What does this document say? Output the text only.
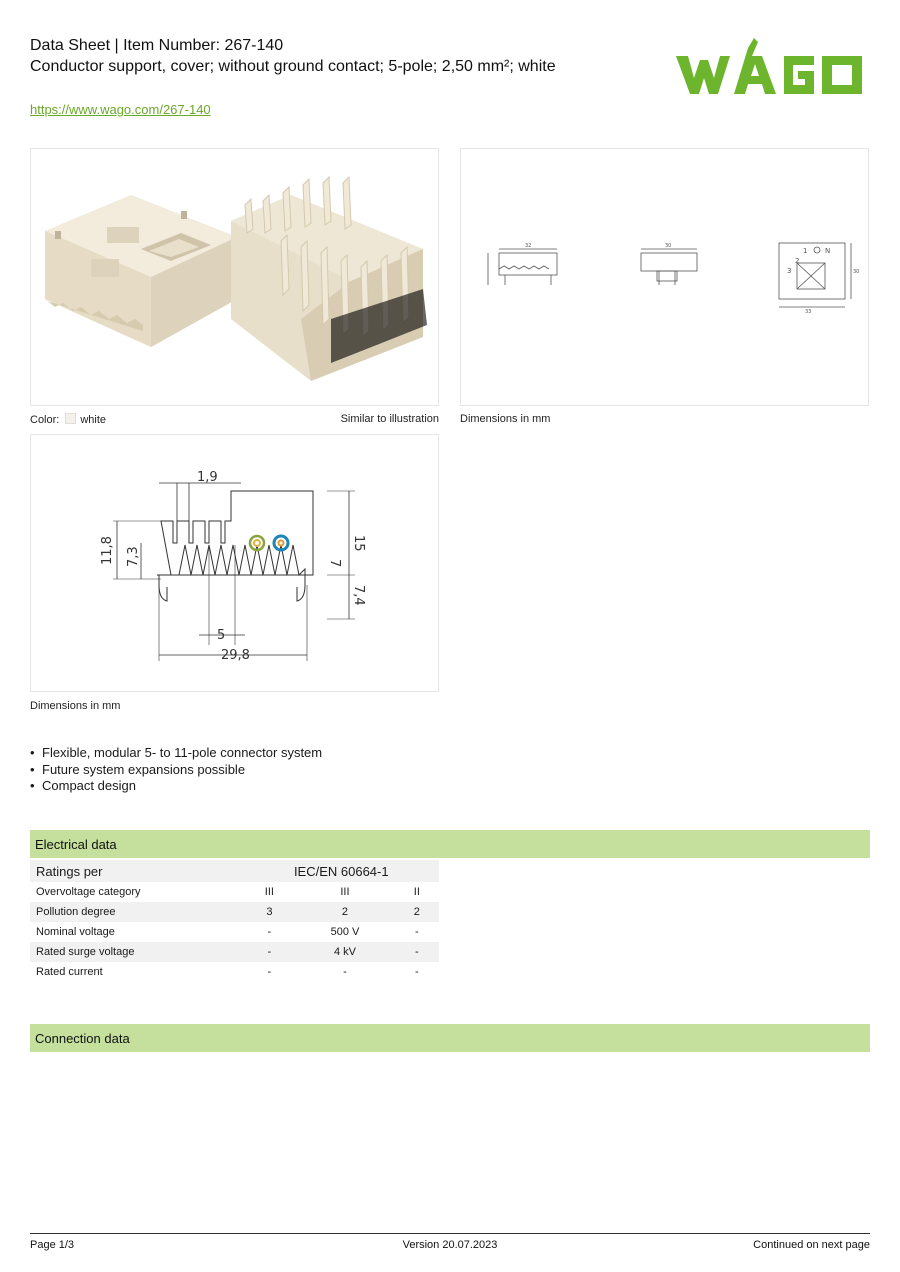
Data Sheet | Item Number: 267-140
Conductor support, cover; without ground contact; 5-pole; 2,50 mm²; white
https://www.wago.com/267-140
32	30
33
30
1	N
2
3
Color: white	Similar to illustration Dimensions in mm
1,9
11,8 7,3
15
7
7,4
5
29,8
Dimensions in mm
• Flexible, modular 5- to 11-pole connector system
• Future system expansions possible
• Compact design
Electrical data
Ratings per	IEC/EN 60664-1		
Overvoltage category	III	III	II
Pollution degree	3	2	2
Nominal voltage	-	500 V	-
Rated surge voltage	-	4 kV	-
Rated current	-	-	-
Connection data
Page 1/3	Version 20.07.2023	Continued on next page
